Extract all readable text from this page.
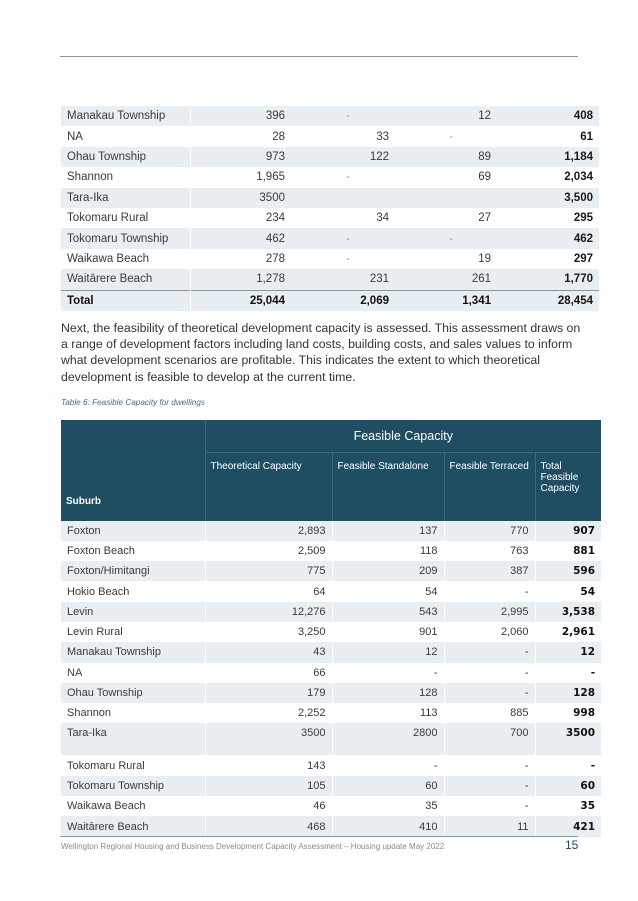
Manakau Township	396	-	12	408
NA	28	33	-	61
Ohau Township	973	122	89	1,184
Shannon	1,965	-	69	2,034
Tara-Ika	3500			3,500
Tokomaru Rural	234	34	27	295
Tokomaru Township	462	-	-	462
Waikawa Beach	278	-	19	297
Waitārere Beach	1,278	231	261	1,770
Total	25,044	2,069	1,341	28,454

Next, the feasibility of theoretical development capacity is assessed. This assessment draws on a range of development factors including land costs, building costs, and sales values to inform what development scenarios are profitable. This indicates the extent to which theoretical development is feasible to develop at the current time.

Table 6: Feasible Capacity for dwellings
	Feasible Capacity			
Suburb	Theoretical Capacity	Feasible Standalone	Feasible Terraced	Total Feasible Capacity
Foxton	2,893	137	770	907
Foxton Beach	2,509	118	763	881
Foxton/Himitangi	775	209	387	596
Hokio Beach	64	54	-	54
Levin	12,276	543	2,995	3,538
Levin Rural	3,250	901	2,060	2,961
Manakau Township	43	12	-	12
NA	66	-	-	-
Ohau Township	179	128	-	128
Shannon	2,252	113	885	998
Tara-Ika	3500	2800	700	3500
Tokomaru Rural	143	-	-	-
Tokomaru Township	105	60	-	60
Waikawa Beach	46	35	-	35
Waitārere Beach	468	410	11	421
Wellington Regional Housing and Business Development Capacity Assessment – Housing update May 2022	15
